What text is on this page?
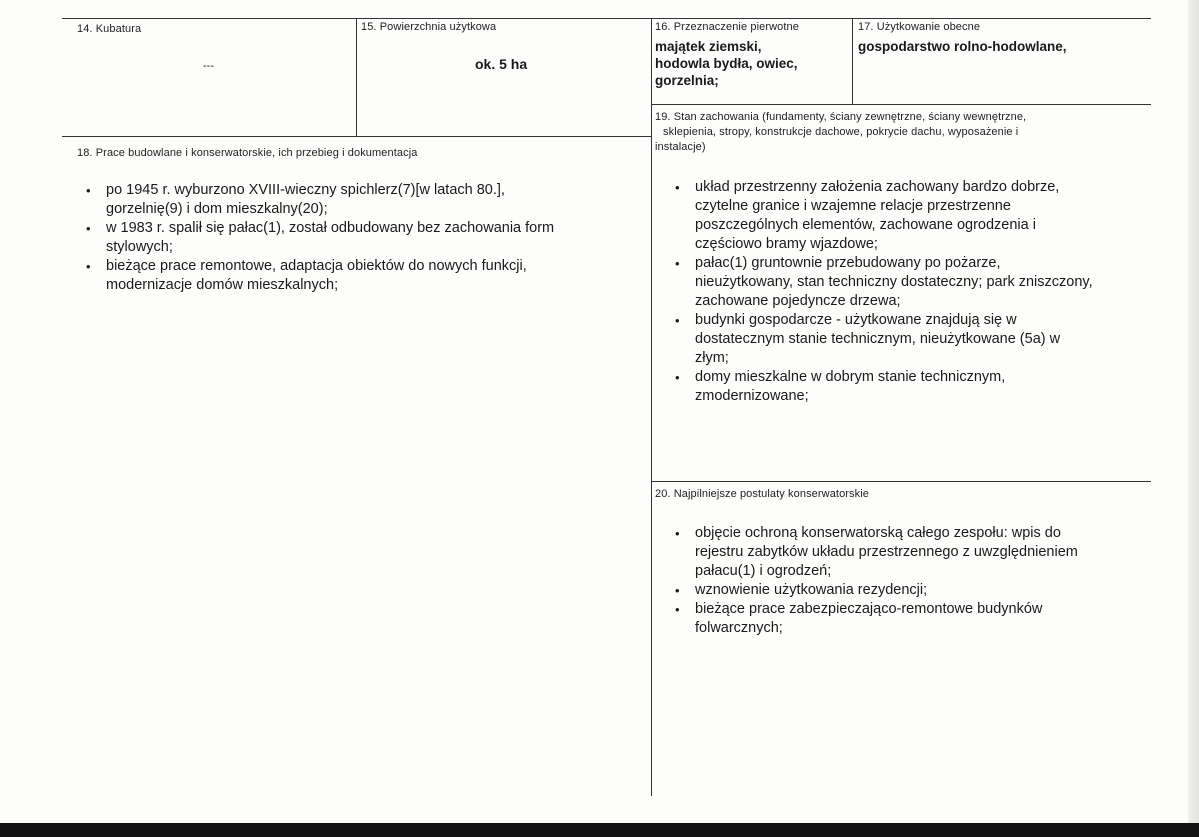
14. Kubatura
---
15. Powierzchnia użytkowa
ok. 5 ha
16. Przeznaczenie pierwotne
majątek ziemski,
hodowla bydła, owiec,
gorzelnia;
17. Użytkowanie obecne
gospodarstwo rolno-hodowlane,
18. Prace budowlane i konserwatorskie, ich przebieg i dokumentacja
• po 1945 r. wyburzono XVIII-wieczny spichlerz(7)[w latach 80.],
gorzelnię(9) i dom mieszkalny(20);
• w 1983 r. spalił się pałac(1), został odbudowany bez zachowania form
stylowych;
• bieżące prace remontowe, adaptacja obiektów do nowych funkcji,
modernizacje domów mieszkalnych;
19. Stan zachowania (fundamenty, ściany zewnętrzne, ściany wewnętrzne,
sklepienia, stropy, konstrukcje dachowe, pokrycie dachu, wyposażenie i
instalacje)
• układ przestrzenny założenia zachowany bardzo dobrze,
czytelne granice i wzajemne relacje przestrzenne
poszczególnych elementów, zachowane ogrodzenia i
częściowo bramy wjazdowe;
• pałac(1) gruntownie przebudowany po pożarze,
nieużytkowany, stan techniczny dostateczny; park zniszczony,
zachowane pojedyncze drzewa;
• budynki gospodarcze - użytkowane znajdują się w
dostatecznym stanie technicznym, nieużytkowane (5a) w
złym;
• domy mieszkalne w dobrym stanie technicznym,
zmodernizowane;
20. Najpilniejsze postulaty konserwatorskie
• objęcie ochroną konserwatorską całego zespołu: wpis do
rejestru zabytków układu przestrzennego z uwzględnieniem
pałacu(1) i ogrodzeń;
• wznowienie użytkowania rezydencji;
• bieżące prace zabezpieczająco-remontowe budynków
folwarcznych;
